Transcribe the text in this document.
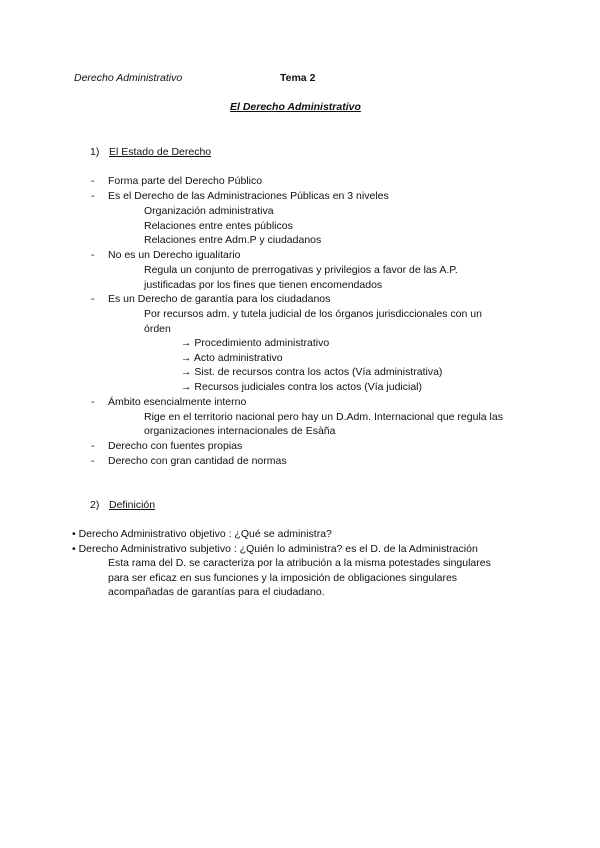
Derecho Administrativo	Tema 2
El Derecho Administrativo
1) El Estado de Derecho
- Forma parte del Derecho Público
- Es el Derecho de las Administraciones Públicas en 3 niveles
Organización administrativa
Relaciones entre entes públicos
Relaciones entre Adm.P y ciudadanos
- No es un Derecho igualitario
Regula un conjunto de prerrogativas y privilegios a favor de las A.P.
justificadas por los fines que tienen encomendados
- Es un Derecho de garantía para los ciudadanos
Por recursos adm. y tutela judicial de los órganos jurisdiccionales con un
órden
→ Procedimiento administrativo
→ Acto administrativo
→ Sist. de recursos contra los actos (Vía administrativa)
→ Recursos judiciales contra los actos (Vía judicial)
- Ámbito esencialmente interno
Rige en el territorio nacional pero hay un D.Adm. Internacional que regula las
organizaciones internacionales de Esàña
- Derecho con fuentes propias
- Derecho con gran cantidad de normas
2) Definición
• Derecho Administrativo objetivo : ¿Qué se administra?
• Derecho Administrativo subjetivo : ¿Quién lo administra? es el D. de la Administración
Esta rama del D. se caracteriza por la atribución a la misma potestades singulares
para ser eficaz en sus funciones y la imposición de obligaciones singulares
acompañadas de garantías para el ciudadano.
